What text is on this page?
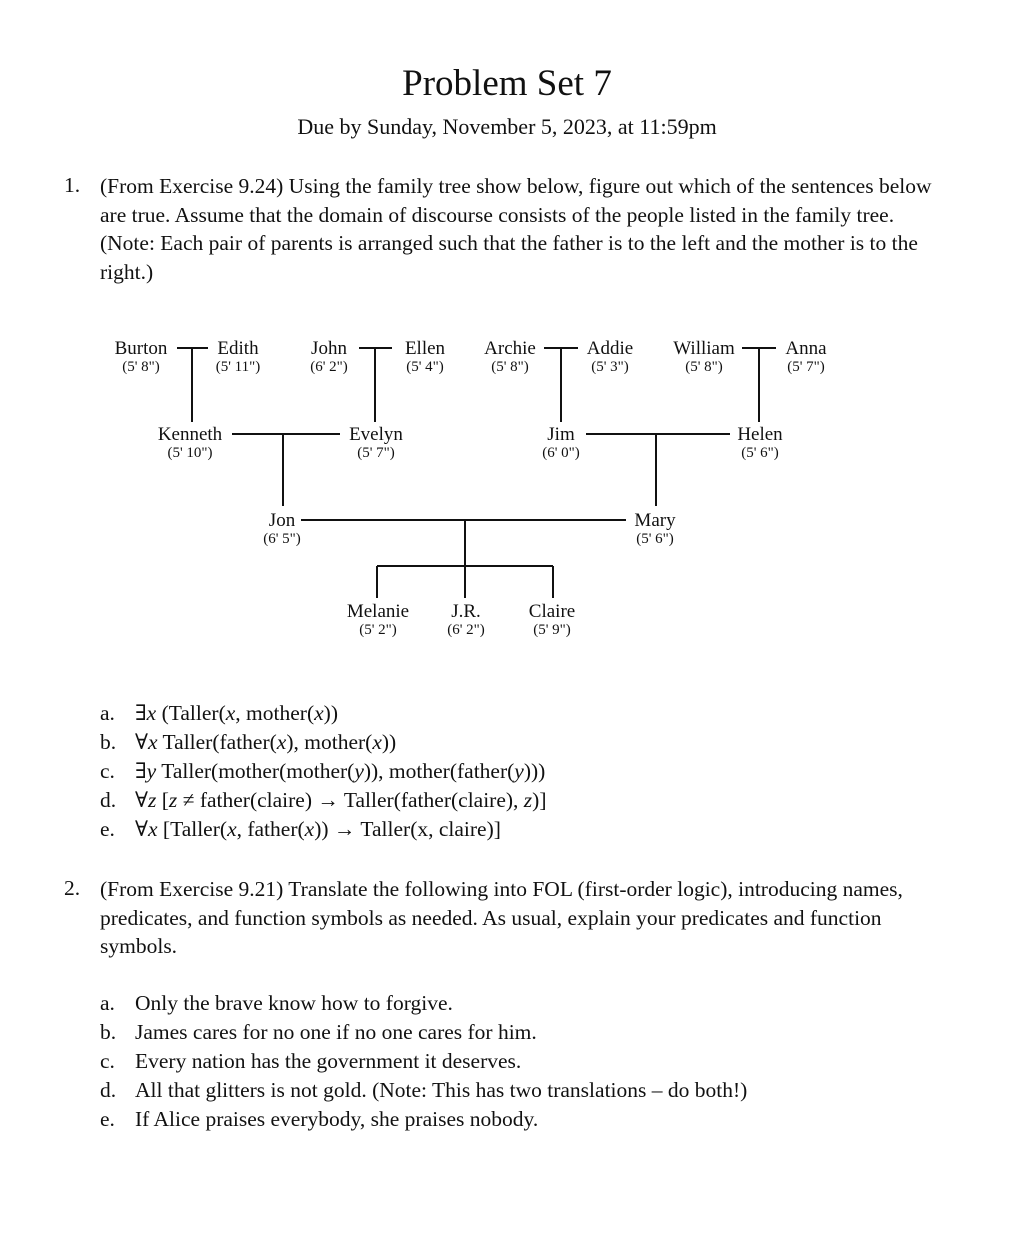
Problem Set 7
Due by Sunday, November 5, 2023, at 11:59pm
1. (From Exercise 9.24) Using the family tree show below, figure out which of the sentences below are true. Assume that the domain of discourse consists of the people listed in the family tree. (Note: Each pair of parents is arranged such that the father is to the left and the mother is to the right.)
Burton
(5' 8")
Edith
(5' 11")
John
(6' 2")
Ellen
(5' 4")
Archie
(5' 8")
Addie
(5' 3")
William
(5' 8")
Anna
(5' 7")
Kenneth
(5' 10")
Evelyn
(5' 7")
Jim
(6' 0")
Helen
(5' 6")
Jon
(6' 5")
Mary
(5' 6")
Melanie
(5' 2")
J.R.
(6' 2")
Claire
(5' 9")
a. ∃x (Taller(x, mother(x))
b. ∀x Taller(father(x), mother(x))
c. ∃y Taller(mother(mother(y)), mother(father(y)))
d. ∀z [z ≠ father(claire) → Taller(father(claire), z)]
e. ∀x [Taller(x, father(x)) → Taller(x, claire)]
2. (From Exercise 9.21) Translate the following into FOL (first-order logic), introducing names, predicates, and function symbols as needed. As usual, explain your predicates and function symbols.
a. Only the brave know how to forgive.
b. James cares for no one if no one cares for him.
c. Every nation has the government it deserves.
d. All that glitters is not gold. (Note: This has two translations – do both!)
e. If Alice praises everybody, she praises nobody.
